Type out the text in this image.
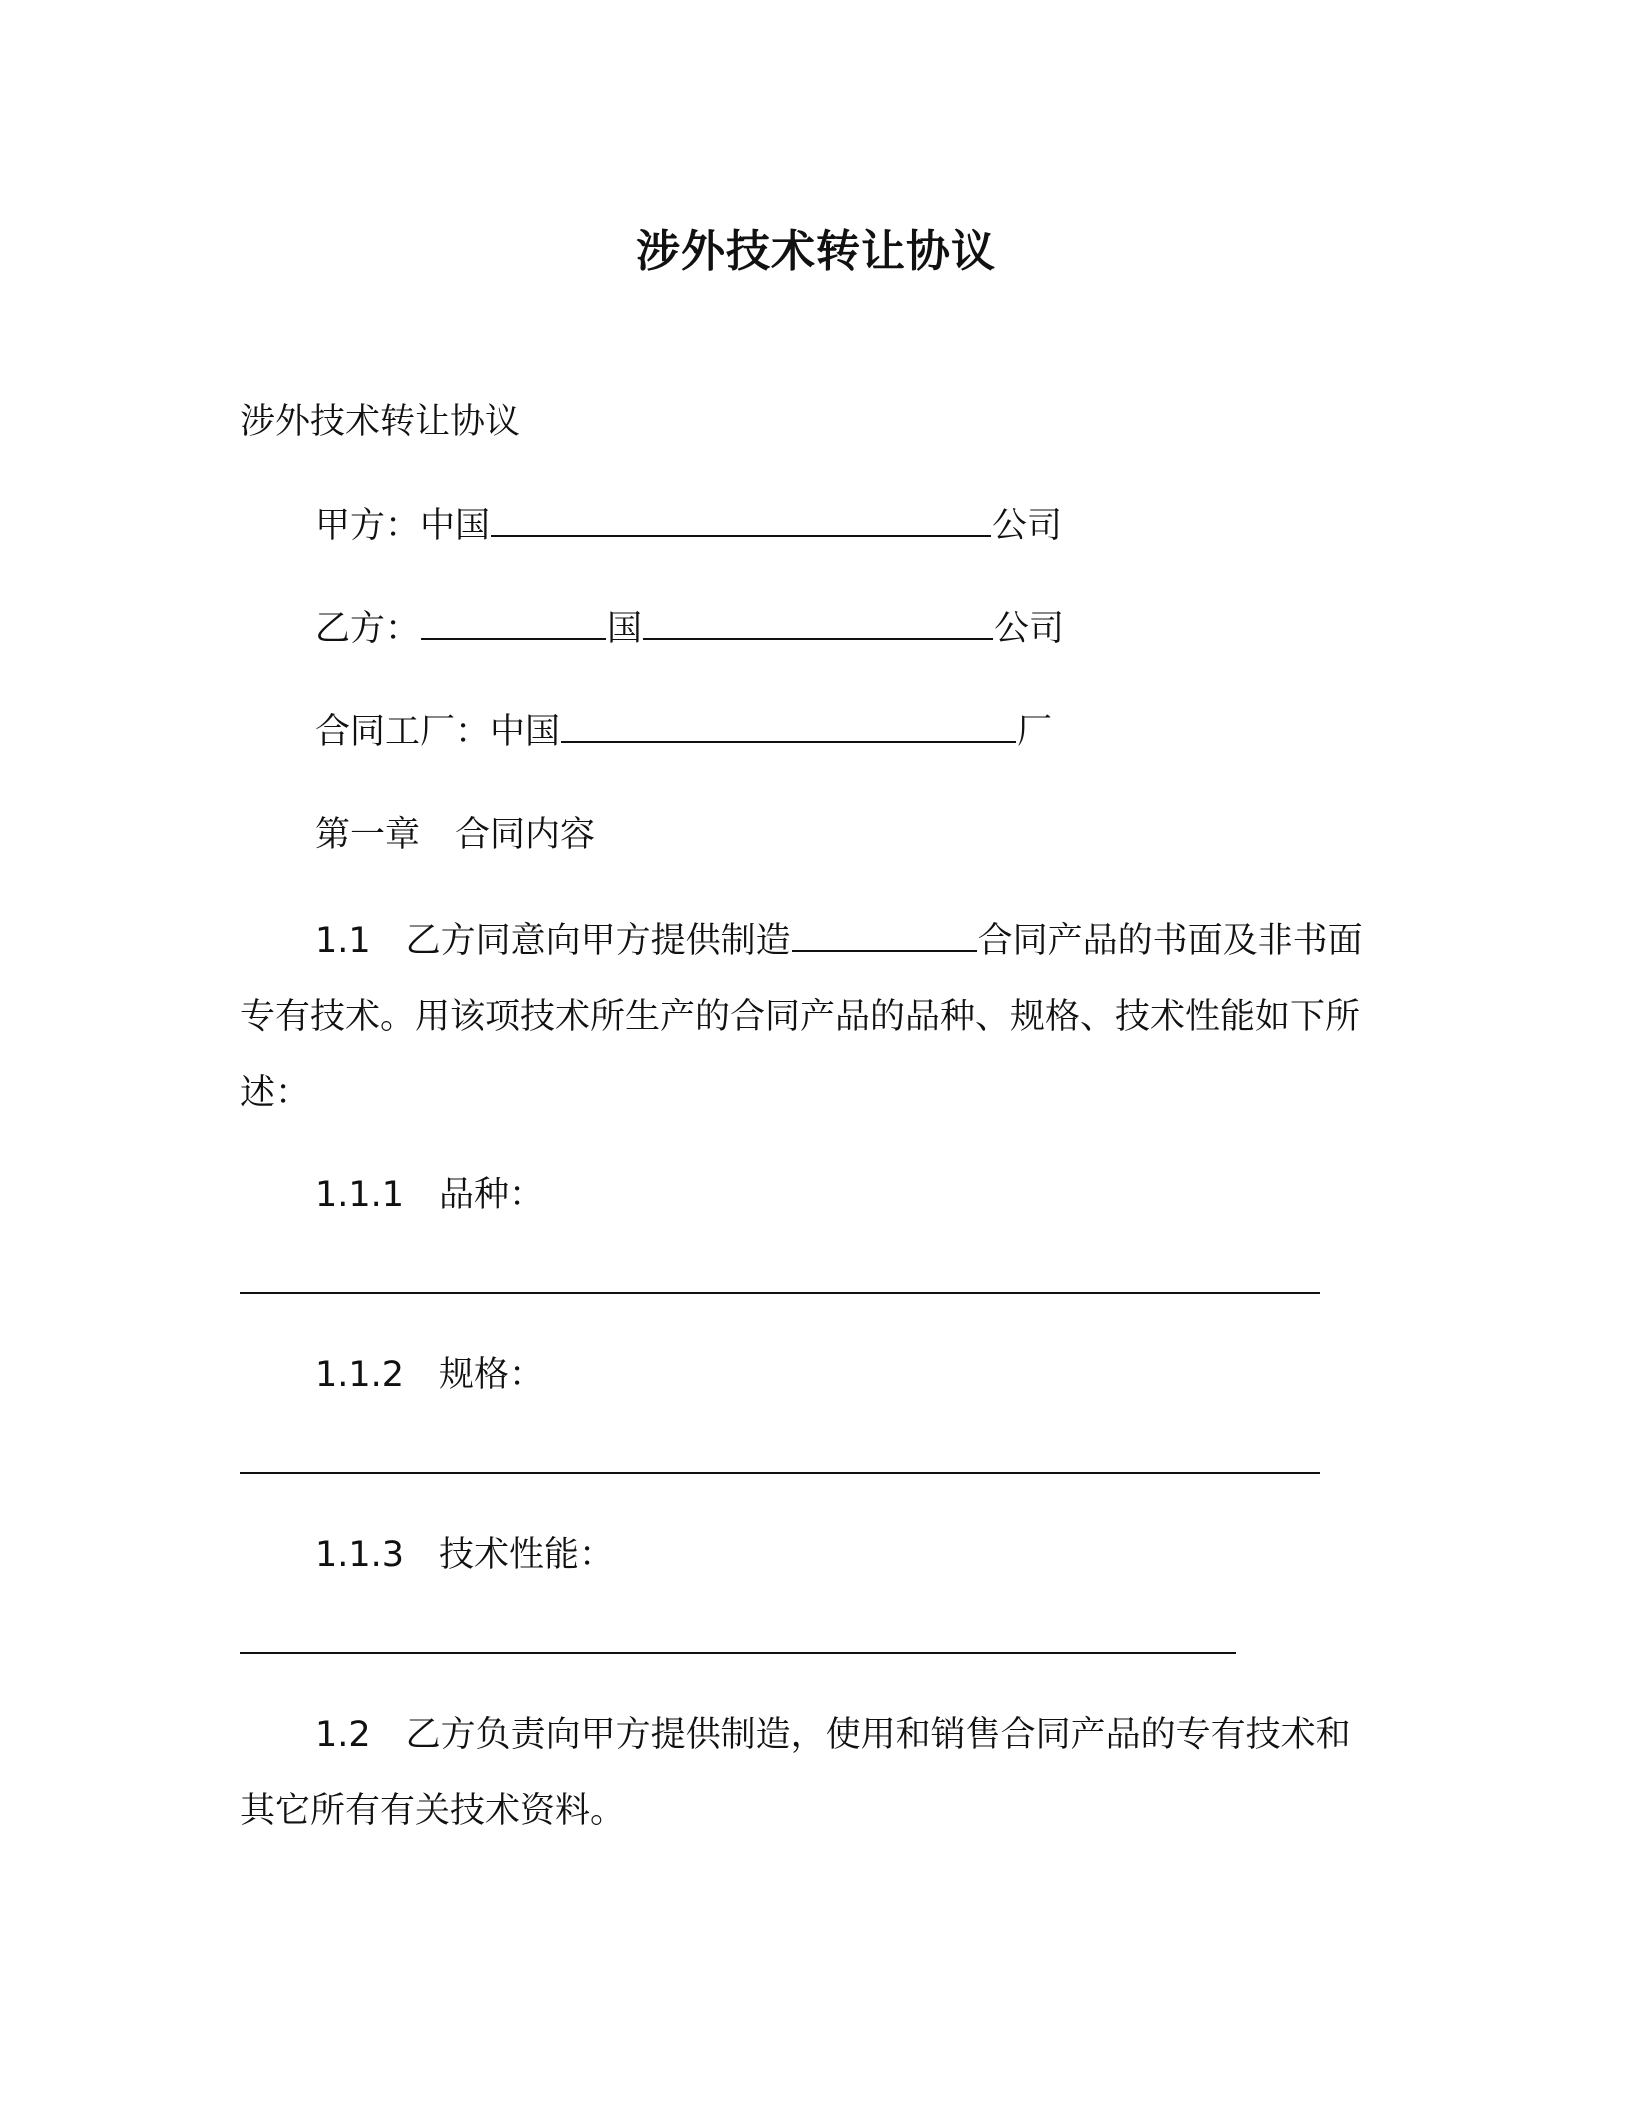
涉外技术转让协议
涉外技术转让协议
甲方：中国	公司
乙方：	国	公司
合同工厂：中国	厂
第一章　合同内容
1.1　乙方同意向甲方提供制造	合同产品的书面及非书面专有技术。用该项技术所生产的合同产品的品种、规格、技术性能如下所述：
1.1.1　品种：
1.1.2　规格：
1.1.3　技术性能：
1.2　乙方负责向甲方提供制造，使用和销售合同产品的专有技术和其它所有有关技术资料。
